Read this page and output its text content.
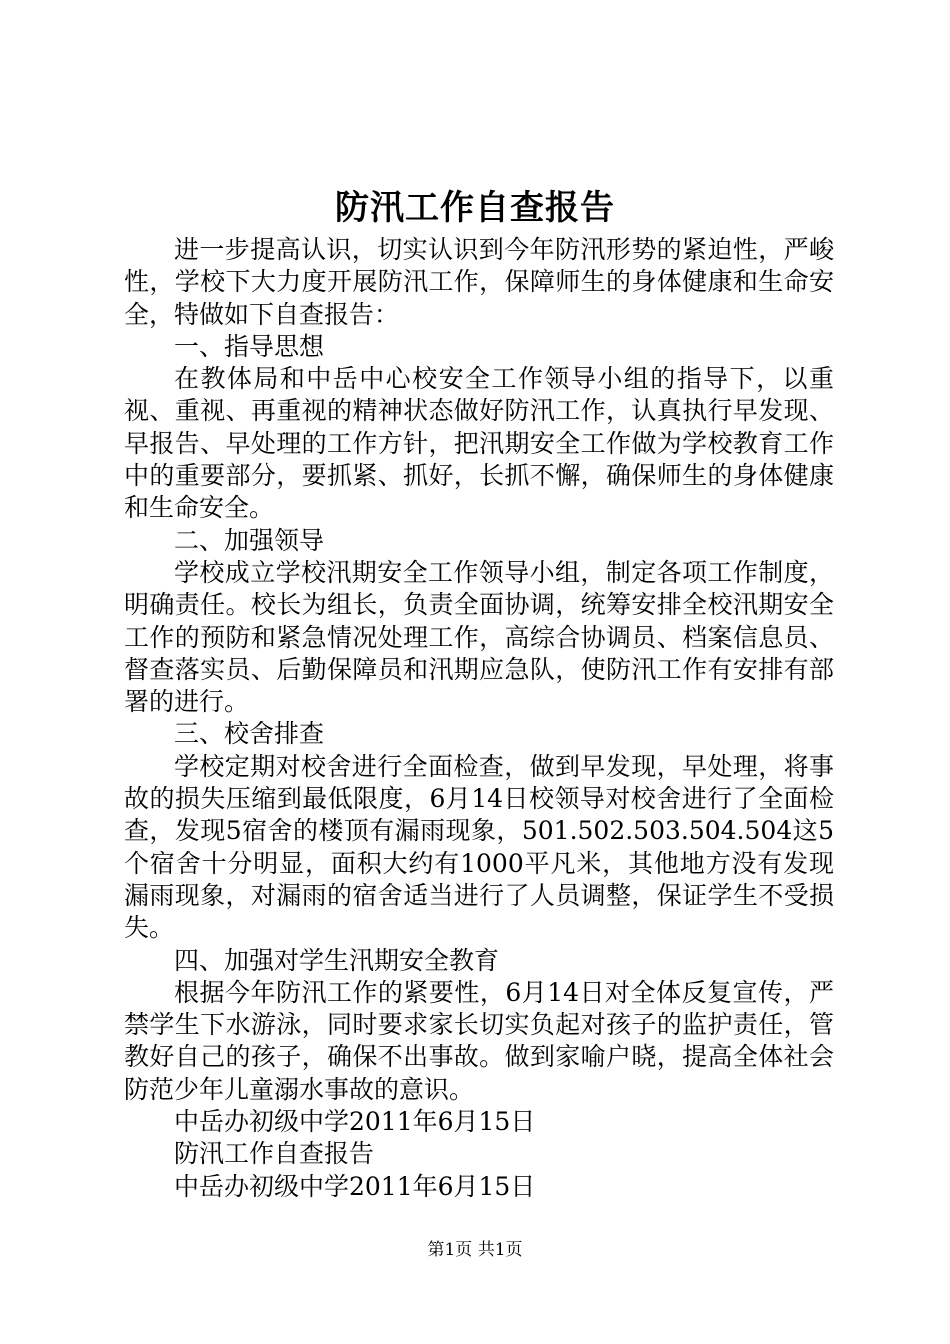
防汛工作自查报告

进一步提高认识，切实认识到今年防汛形势的紧迫性，严峻性，学校下大力度开展防汛工作，保障师生的身体健康和生命安全，特做如下自查报告：

一、指导思想

在教体局和中岳中心校安全工作领导小组的指导下，以重视、重视、再重视的精神状态做好防汛工作，认真执行早发现、早报告、早处理的工作方针，把汛期安全工作做为学校教育工作中的重要部分，要抓紧、抓好，长抓不懈，确保师生的身体健康和生命安全。

二、加强领导

学校成立学校汛期安全工作领导小组，制定各项工作制度，明确责任。校长为组长，负责全面协调，统筹安排全校汛期安全工作的预防和紧急情况处理工作，高综合协调员、档案信息员、督查落实员、后勤保障员和汛期应急队，使防汛工作有安排有部署的进行。

三、校舍排查

学校定期对校舍进行全面检查，做到早发现，早处理，将事故的损失压缩到最低限度，6月14日校领导对校舍进行了全面检查，发现5宿舍的楼顶有漏雨现象，501.502.503.504.504这5个宿舍十分明显，面积大约有1000平凡米，其他地方没有发现漏雨现象，对漏雨的宿舍适当进行了人员调整，保证学生不受损失。

四、加强对学生汛期安全教育

根据今年防汛工作的紧要性，6月14日对全体反复宣传，严禁学生下水游泳，同时要求家长切实负起对孩子的监护责任，管教好自己的孩子，确保不出事故。做到家喻户晓，提高全体社会防范少年儿童溺水事故的意识。

中岳办初级中学2011年6月15日

防汛工作自查报告

中岳办初级中学2011年6月15日

第1页 共1页
